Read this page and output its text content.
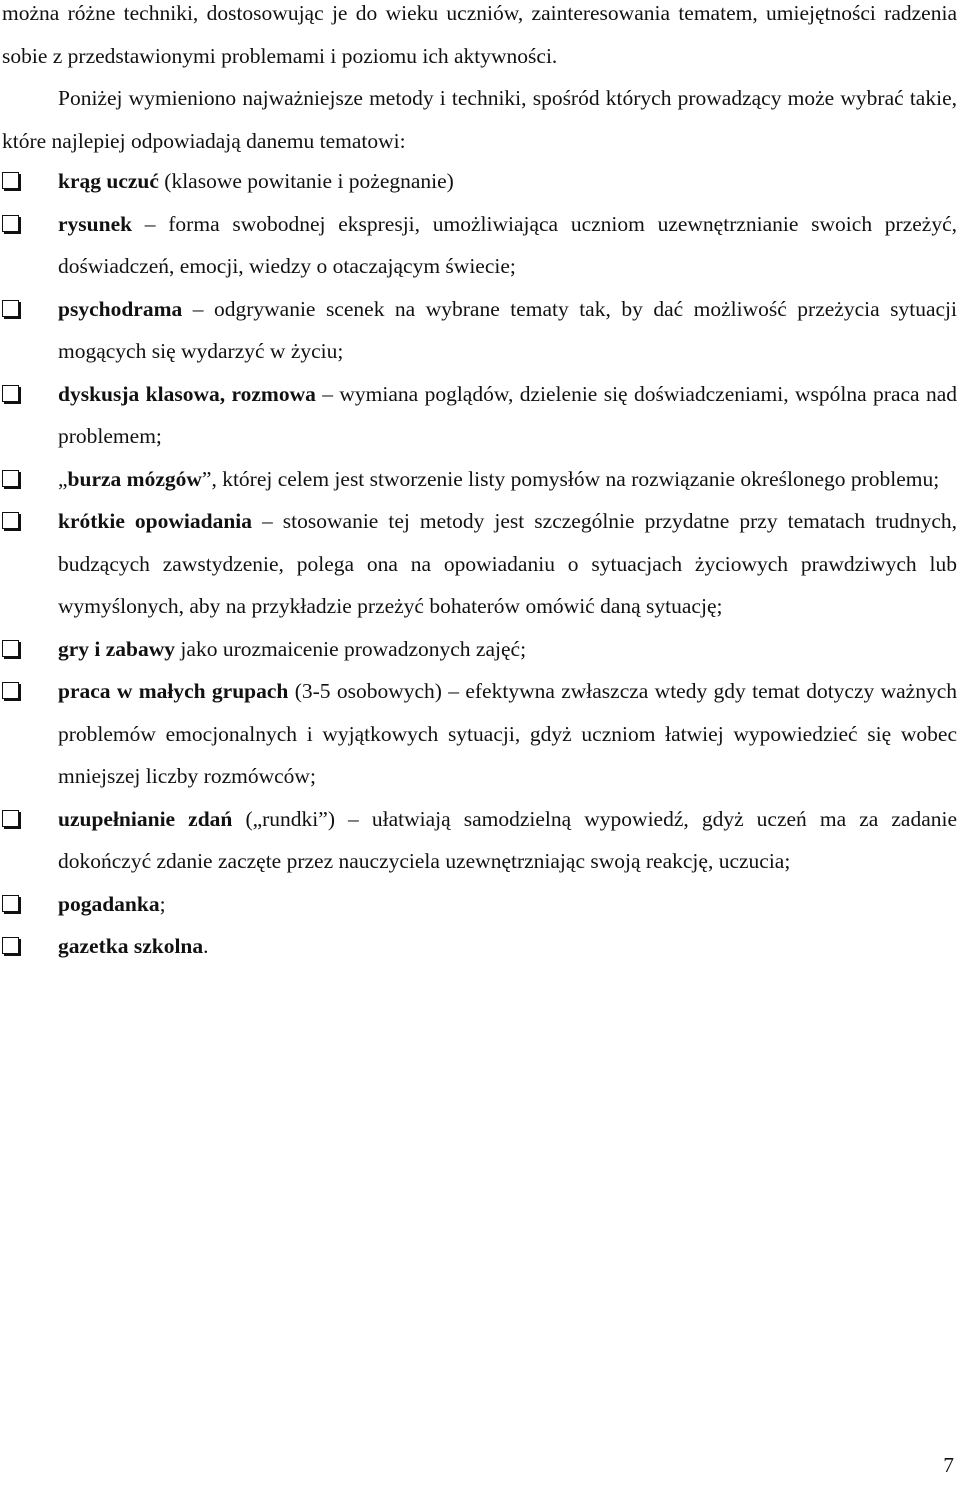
można różne techniki, dostosowując je do wieku uczniów, zainteresowania tematem, umiejętności radzenia sobie z przedstawionymi problemami i poziomu ich aktywności.

Poniżej wymieniono najważniejsze metody i techniki, spośród których prowadzący może wybrać takie, które najlepiej odpowiadają danemu tematowi:

krąg uczuć (klasowe powitanie i pożegnanie)
rysunek – forma swobodnej ekspresji, umożliwiająca uczniom uzewnętrznianie swoich przeżyć, doświadczeń, emocji, wiedzy o otaczającym świecie;
psychodrama – odgrywanie scenek na wybrane tematy tak, by dać możliwość przeżycia sytuacji mogących się wydarzyć w życiu;
dyskusja klasowa, rozmowa – wymiana poglądów, dzielenie się doświadczeniami, wspólna praca nad problemem;
„burza mózgów”, której celem jest stworzenie listy pomysłów na rozwiązanie określonego problemu;
krótkie opowiadania – stosowanie tej metody jest szczególnie przydatne przy tematach trudnych, budzących zawstydzenie, polega ona na opowiadaniu o sytuacjach życiowych prawdziwych lub wymyślonych, aby na przykładzie przeżyć bohaterów omówić daną sytuację;
gry i zabawy jako urozmaicenie prowadzonych zajęć;
praca w małych grupach (3-5 osobowych) – efektywna zwłaszcza wtedy gdy temat dotyczy ważnych problemów emocjonalnych i wyjątkowych sytuacji, gdyż uczniom łatwiej wypowiedzieć się wobec mniejszej liczby rozmówców;
uzupełnianie zdań („rundki”) – ułatwiają samodzielną wypowiedź, gdyż uczeń ma za zadanie dokończyć zdanie zaczęte przez nauczyciela uzewnętrzniając swoją reakcję, uczucia;
pogadanka;
gazetka szkolna.
7
